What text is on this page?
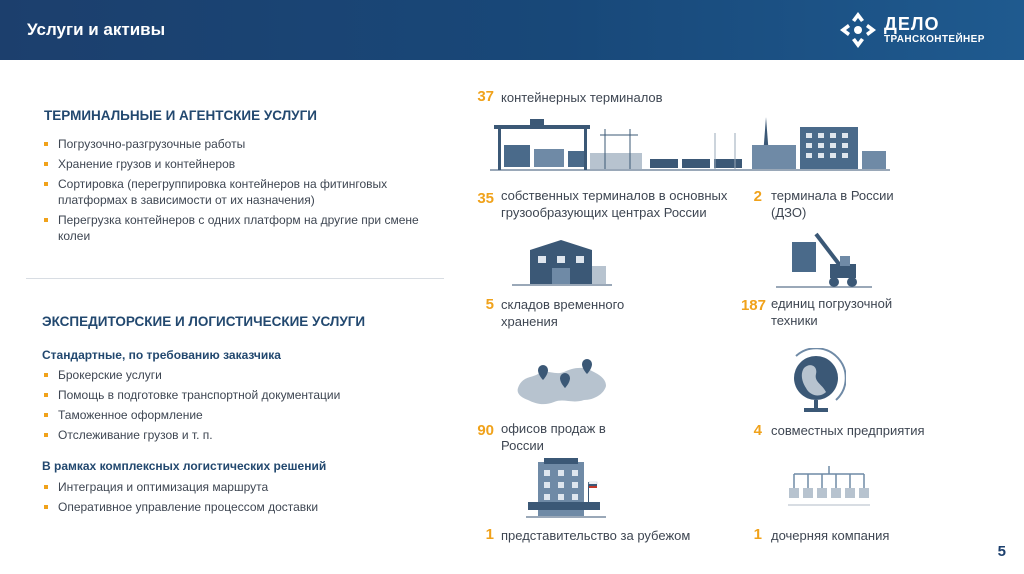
Услуги и активы	ДЕЛО
ТРАНСКОНТЕЙНЕР
ТЕРМИНАЛЬНЫЕ И АГЕНТСКИЕ УСЛУГИ
Погрузочно-разгрузочные работы
Хранение грузов и контейнеров
Сортировка (перегруппировка контейнеров на фитинговых платформах в зависимости от их назначения)
Перегрузка контейнеров с одних платформ на другие при смене колеи
ЭКСПЕДИТОРСКИЕ И ЛОГИСТИЧЕСКИЕ УСЛУГИ
Стандартные, по требованию заказчика
Брокерские услуги
Помощь в подготовке транспортной документации
Таможенное оформление
Отслеживание грузов и т. п.
В рамках комплексных логистических решений
Интеграция и оптимизация маршрута
Оперативное управление процессом доставки
37 контейнерных терминалов
35 собственных терминалов в основных грузообразующих центрах России
2 терминала в России (ДЗО)
5 складов временного хранения
187 единиц погрузочной техники
90 офисов продаж в России
4 совместных предприятия
1 представительство за рубежом	1 дочерняя компания
5
